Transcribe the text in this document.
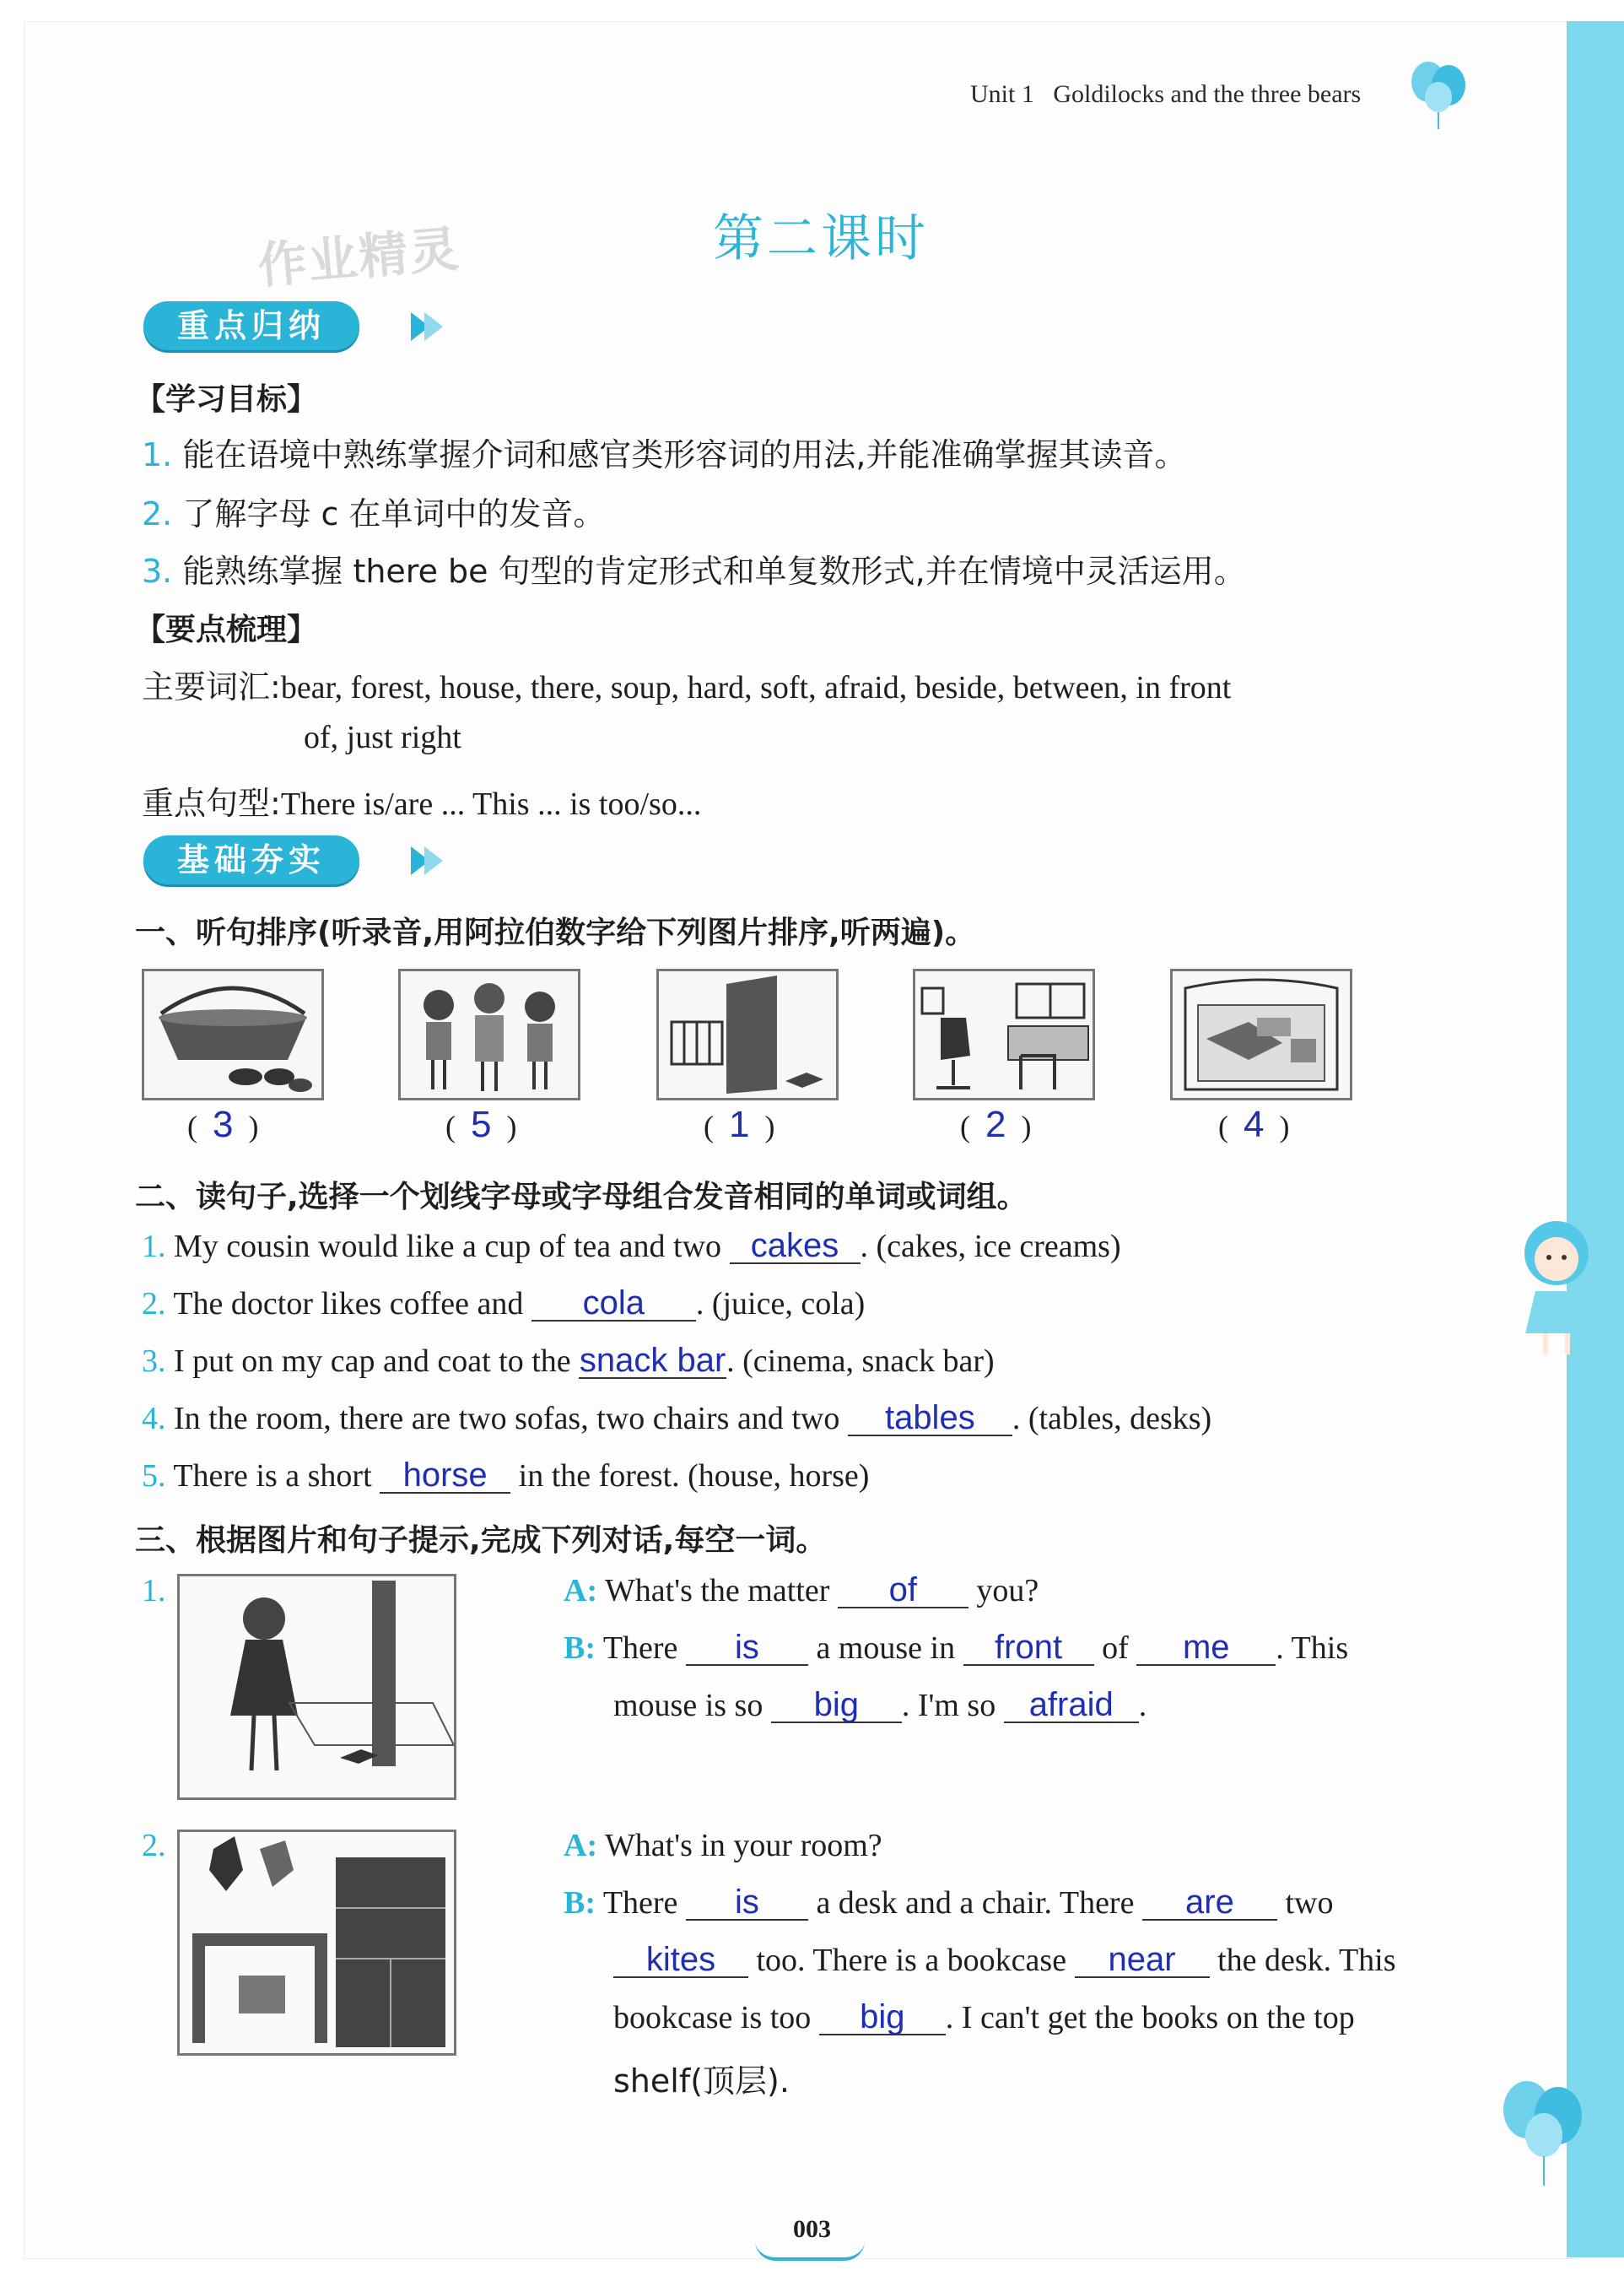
Unit 1 Goldilocks and the three bears
作业精灵	第二课时
重点归纳
【学习目标】
1. 能在语境中熟练掌握介词和感官类形容词的用法,并能准确掌握其读音。
2. 了解字母 c 在单词中的发音。
3. 能熟练掌握 there be 句型的肯定形式和单复数形式,并在情境中灵活运用。
【要点梳理】
主要词汇:bear, forest, house, there, soup, hard, soft, afraid, beside, between, in front
of, just right
重点句型:There is/are ... This ... is too/so...
基础夯实
一、听句排序(听录音,用阿拉伯数字给下列图片排序,听两遍)。
(  3  )	(  5  )	(  1  )	(  2  )	(  4  )
二、读句子,选择一个划线字母或字母组合发音相同的单词或词组。
1. My cousin would like a cup of tea and two cakes . (cakes, ice creams)
2. The doctor likes coffee and cola . (juice, cola)
3. I put on my cap and coat to the snack bar. (cinema, snack bar)
4. In the room, there are two sofas, two chairs and two tables . (tables, desks)
5. There is a short horse in the forest. (house, horse)
三、根据图片和句子提示,完成下列对话,每空一词。
1.	A: What's the matter of you?
B: There is a mouse in front of me . This
mouse is so big . I'm so afraid .
2.	A: What's in your room?
B: There is a desk and a chair. There are two
kites too. There is a bookcase near the desk. This
bookcase is too big . I can't get the books on the top
shelf(顶层).
003
